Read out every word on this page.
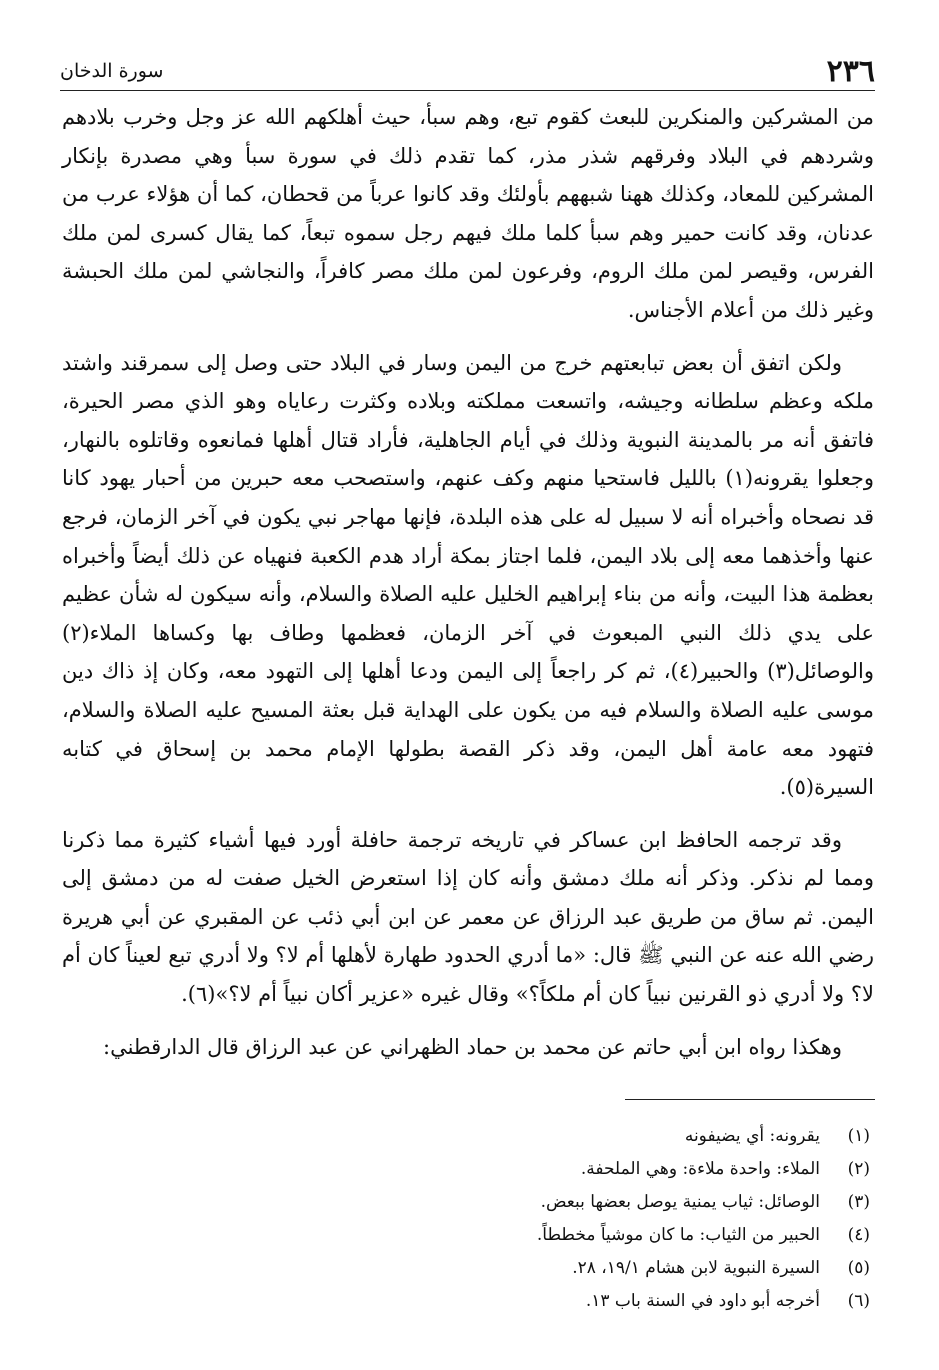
٢٣٦
سورة الدخان

من المشركين والمنكرين للبعث كقوم تبع، وهم سبأ، حيث أهلكهم الله عز وجل وخرب بلادهم وشردهم في البلاد وفرقهم شذر مذر، كما تقدم ذلك في سورة سبأ وهي مصدرة بإنكار المشركين للمعاد، وكذلك ههنا شبههم بأولئك وقد كانوا عرباً من قحطان، كما أن هؤلاء عرب من عدنان، وقد كانت حمير وهم سبأ كلما ملك فيهم رجل سموه تبعاً، كما يقال كسرى لمن ملك الفرس، وقيصر لمن ملك الروم، وفرعون لمن ملك مصر كافراً، والنجاشي لمن ملك الحبشة وغير ذلك من أعلام الأجناس.

ولكن اتفق أن بعض تبابعتهم خرج من اليمن وسار في البلاد حتى وصل إلى سمرقند واشتد ملكه وعظم سلطانه وجيشه، واتسعت مملكته وبلاده وكثرت رعاياه وهو الذي مصر الحيرة، فاتفق أنه مر بالمدينة النبوية وذلك في أيام الجاهلية، فأراد قتال أهلها فمانعوه وقاتلوه بالنهار، وجعلوا يقرونه(١) بالليل فاستحيا منهم وكف عنهم، واستصحب معه حبرين من أحبار يهود كانا قد نصحاه وأخبراه أنه لا سبيل له على هذه البلدة، فإنها مهاجر نبي يكون في آخر الزمان، فرجع عنها وأخذهما معه إلى بلاد اليمن، فلما اجتاز بمكة أراد هدم الكعبة فنهياه عن ذلك أيضاً وأخبراه بعظمة هذا البيت، وأنه من بناء إبراهيم الخليل عليه الصلاة والسلام، وأنه سيكون له شأن عظيم على يدي ذلك النبي المبعوث في آخر الزمان، فعظمها وطاف بها وكساها الملاء(٢) والوصائل(٣) والحبير(٤)، ثم كر راجعاً إلى اليمن ودعا أهلها إلى التهود معه، وكان إذ ذاك دين موسى عليه الصلاة والسلام فيه من يكون على الهداية قبل بعثة المسيح عليه الصلاة والسلام، فتهود معه عامة أهل اليمن، وقد ذكر القصة بطولها الإمام محمد بن إسحاق في كتابه السيرة(٥).

وقد ترجمه الحافظ ابن عساكر في تاريخه ترجمة حافلة أورد فيها أشياء كثيرة مما ذكرنا ومما لم نذكر. وذكر أنه ملك دمشق وأنه كان إذا استعرض الخيل صفت له من دمشق إلى اليمن. ثم ساق من طريق عبد الرزاق عن معمر عن ابن أبي ذئب عن المقبري عن أبي هريرة رضي الله عنه عن النبي ﷺ قال: «ما أدري الحدود طهارة لأهلها أم لا؟ ولا أدري تبع لعيناً كان أم لا؟ ولا أدري ذو القرنين نبياً كان أم ملكاً؟» وقال غيره «عزير أكان نبياً أم لا؟»(٦).

وهكذا رواه ابن أبي حاتم عن محمد بن حماد الظهراني عن عبد الرزاق قال الدارقطني:

(١)
يقرونه: أي يضيفونه
(٢)
الملاء: واحدة ملاءة: وهي الملحفة.
(٣)
الوصائل: ثياب يمنية يوصل بعضها ببعض.
(٤)
الحبير من الثياب: ما كان موشياً مخططاً.
(٥)
السيرة النبوية لابن هشام ١٩/١، ٢٨.
(٦)
أخرجه أبو داود في السنة باب ١٣.
